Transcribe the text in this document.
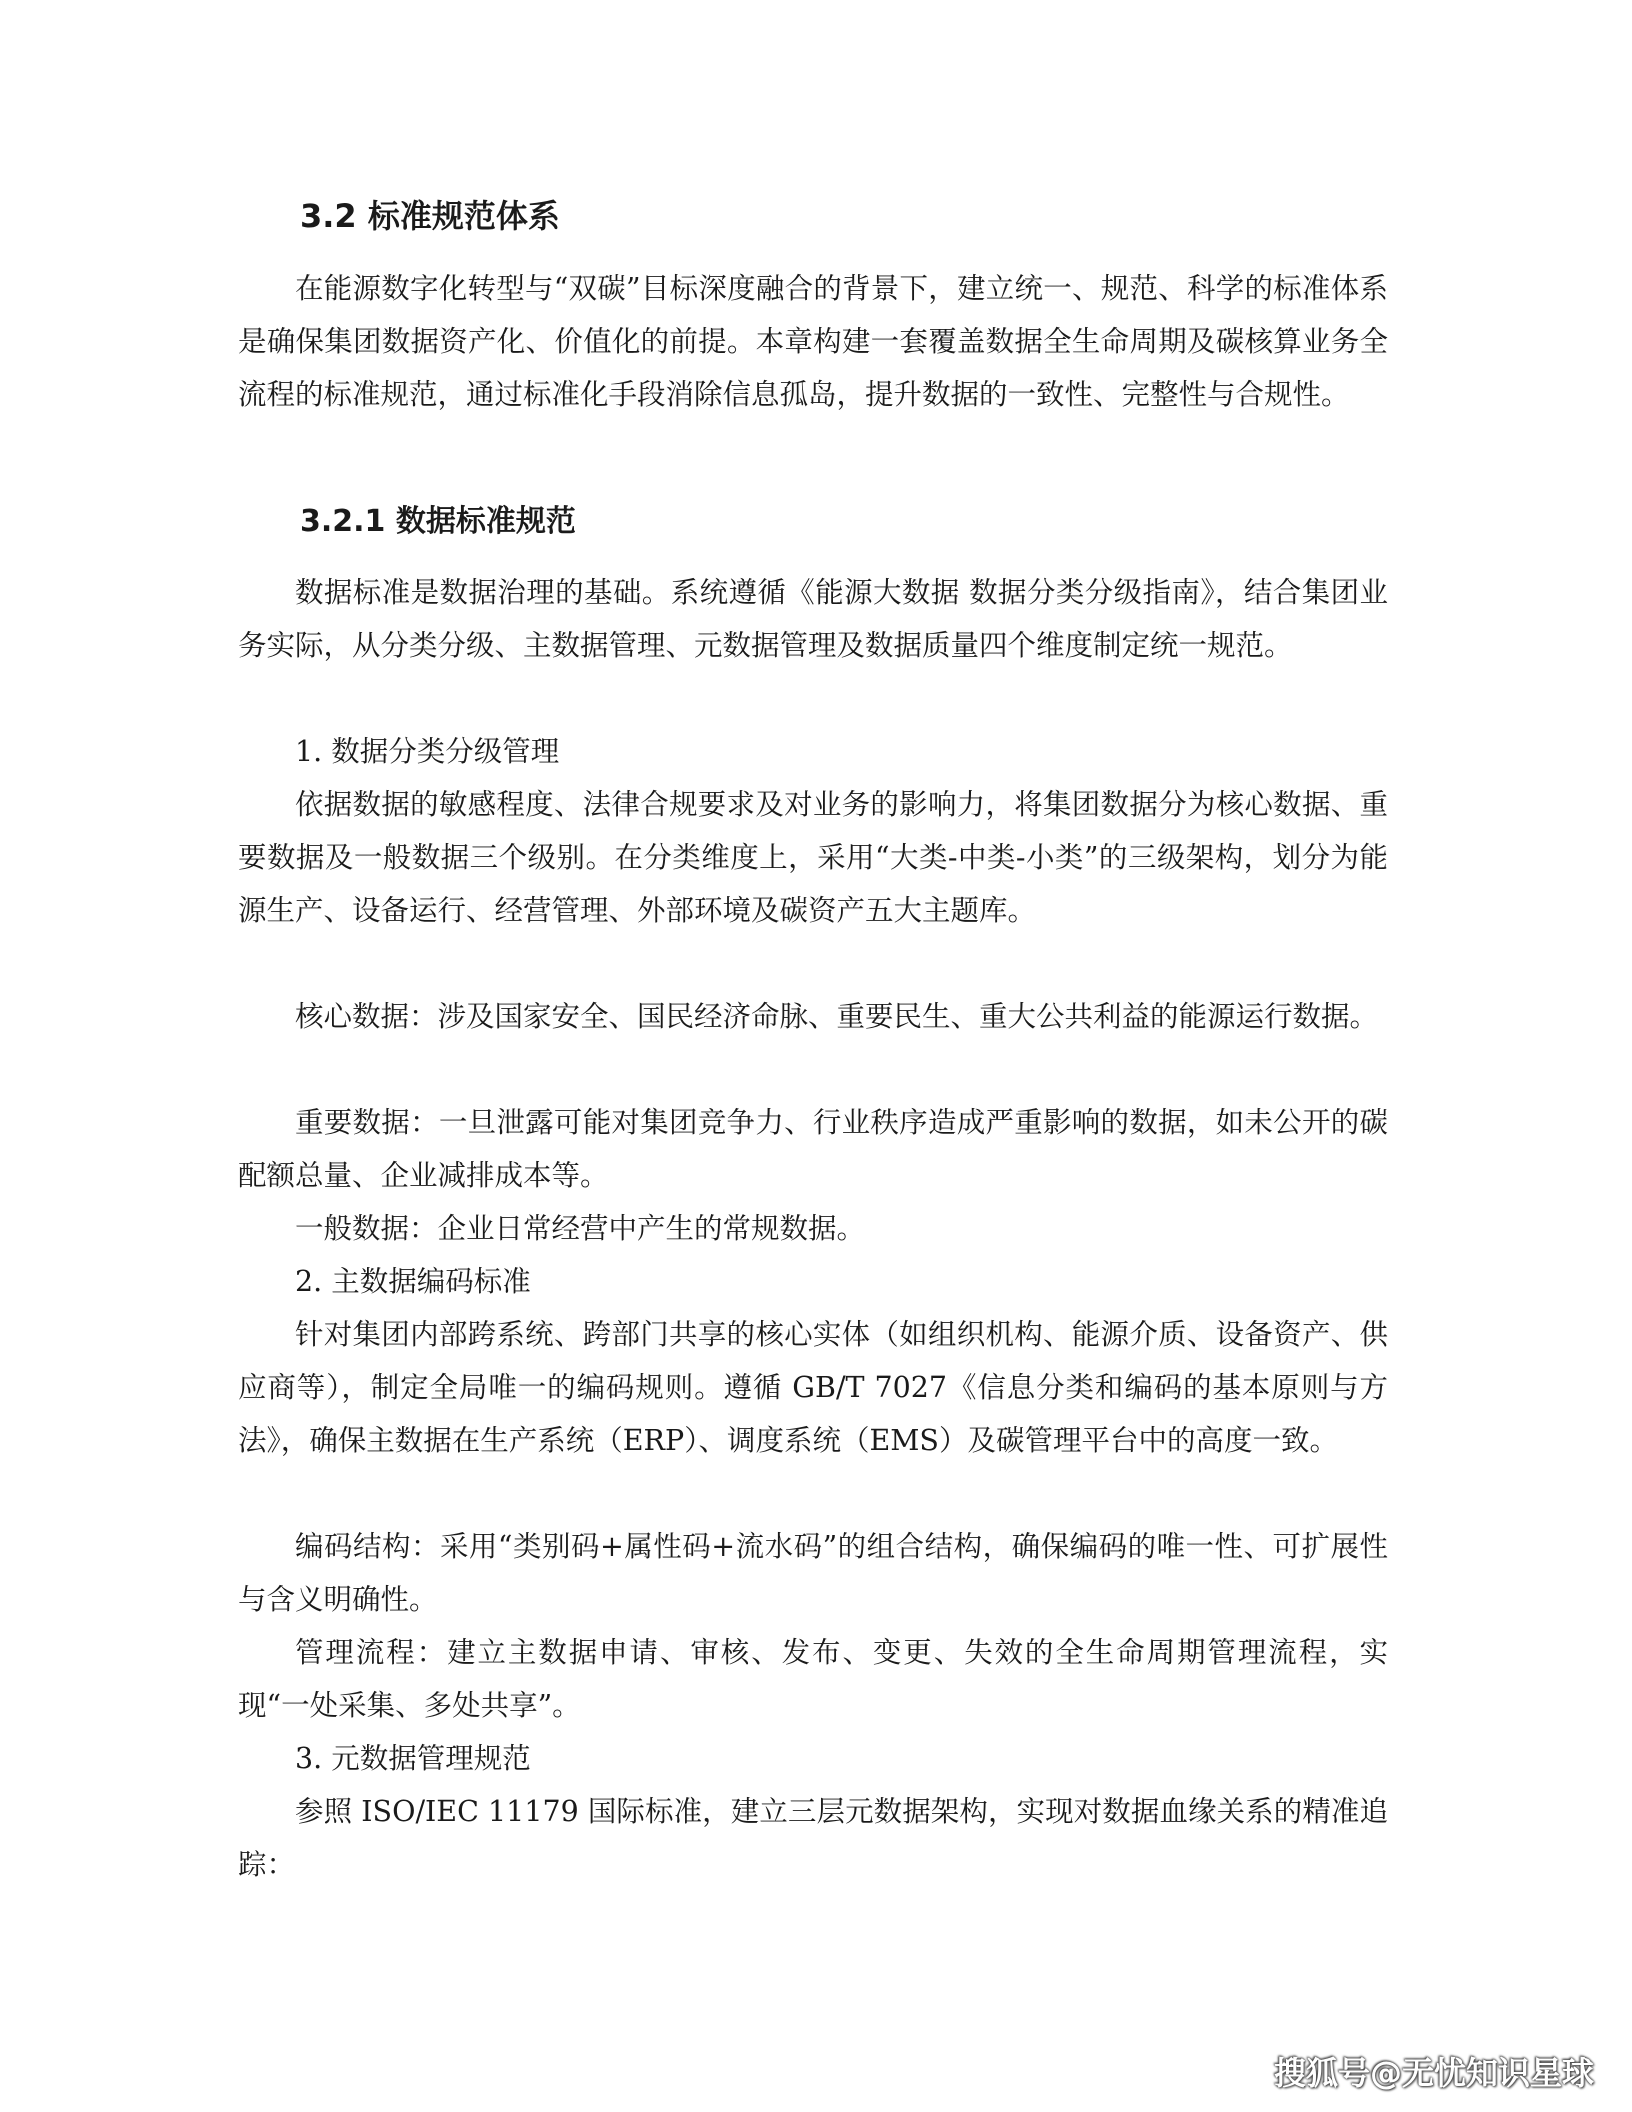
3.2 标准规范体系

在能源数字化转型与“双碳”目标深度融合的背景下，建立统一、规范、科学的标准体系是确保集团数据资产化、价值化的前提。本章构建一套覆盖数据全生命周期及碳核算业务全流程的标准规范，通过标准化手段消除信息孤岛，提升数据的一致性、完整性与合规性。

3.2.1 数据标准规范

数据标准是数据治理的基础。系统遵循《能源大数据 数据分类分级指南》，结合集团业务实际，从分类分级、主数据管理、元数据管理及数据质量四个维度制定统一规范。

1. 数据分类分级管理

依据数据的敏感程度、法律合规要求及对业务的影响力，将集团数据分为核心数据、重要数据及一般数据三个级别。在分类维度上，采用“大类-中类-小类”的三级架构，划分为能源生产、设备运行、经营管理、外部环境及碳资产五大主题库。

核心数据：涉及国家安全、国民经济命脉、重要民生、重大公共利益的能源运行数据。

重要数据：一旦泄露可能对集团竞争力、行业秩序造成严重影响的数据，如未公开的碳配额总量、企业减排成本等。

一般数据：企业日常经营中产生的常规数据。

2. 主数据编码标准

针对集团内部跨系统、跨部门共享的核心实体（如组织机构、能源介质、设备资产、供应商等），制定全局唯一的编码规则。遵循 GB/T 7027《信息分类和编码的基本原则与方法》，确保主数据在生产系统（ERP）、调度系统（EMS）及碳管理平台中的高度一致。

编码结构：采用“类别码+属性码+流水码”的组合结构，确保编码的唯一性、可扩展性与含义明确性。

管理流程：建立主数据申请、审核、发布、变更、失效的全生命周期管理流程，实现“一处采集、多处共享”。

3. 元数据管理规范

参照 ISO/IEC 11179 国际标准，建立三层元数据架构，实现对数据血缘关系的精准追踪：

搜狐号@无忧知识星球
